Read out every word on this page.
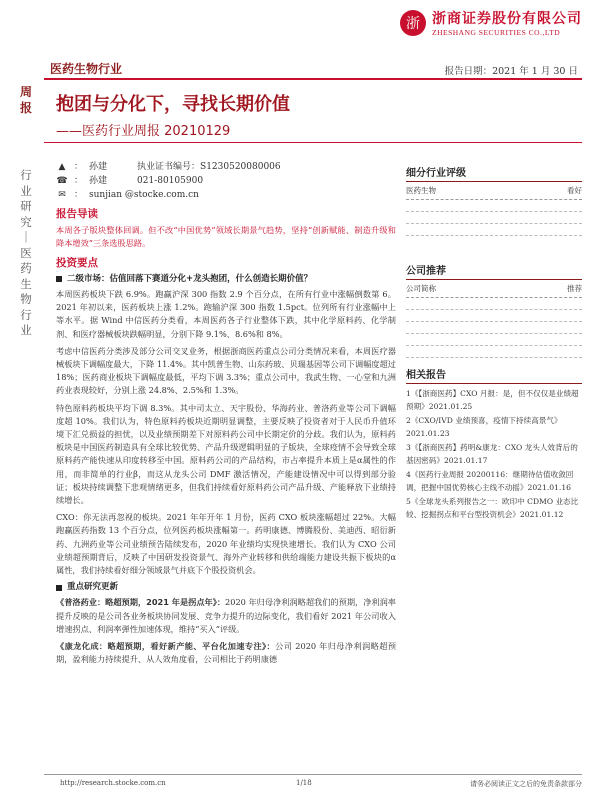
浙 浙商证券股份有限公司
ZHESHANG SECURITIES CO.,LTD
医药生物行业	报告日期：2021 年 1 月 30 日
周报 抱团与分化下，寻找长期价值
——医药行业周报 20210129
行业研究｜医药生物行业
▲ ： 孙建	执业证书编号：S1230520080006
☎ ： 孙建	021-80105900
✉ ： sunjian @stocke.com.cn
报告导读

本周各子版块整体回调。但不改“中国优势”领域长期景气趋势，坚持“创新赋能、制造升级和降本增效”三条选股思路。

投资要点
二级市场：估值回落下赛道分化+龙头抱团，什么创造长期价值？

本周医药板块下跌 6.9%。跑赢沪深 300 指数 2.9 个百分点，在所有行业中涨幅倒数第 6。2021 年初以来，医药板块上涨 1.2%。跑输沪深 300 指数 1.5pct。位列所有行业涨幅中上等水平。据 Wind 中信医药分类看，本周医药各子行业整体下跌，其中化学原料药、化学制剂、和医疗器械板块跌幅明显，分别下降 9.1%、8.6%和 8%。

考虑中信医药分类涉及部分公司交叉业务，根据浙商医药重点公司分类情况来看，本周医疗器械板块下调幅度最大，下降 11.4%。其中凯普生物、山东药玻、贝瑞基因等公司下调幅度超过 18%；医药商业板块下调幅度最低，平均下调 3.3%；重点公司中，我武生物、一心堂和九洲药业表现较好，分别上涨 24.8%、2.5%和 1.3%。

特色原料药板块平均下调 8.3%。其中司太立、天宇股份、华海药业、普洛药业等公司下调幅度超 10%。我们认为，特色原料药板块近期明显调整，主要反映了投资者对于人民币升值环境下汇兑损益的担忧，以及业绩预期差下对原料药公司中长期定价的分歧。我们认为，原料药板块是中国医药制造具有全球比较优势、产品升级逻辑明显的子版块，全球疫情不会导致全球原料药产能快速从印度转移至中国。原料药公司的产品结构，市占率提升本质上是α属性的作用，而非简单的行业β，而这从龙头公司 DMF 激活情况，产能建设情况中可以得到部分验证；板块持续调整下悲观情绪更多，但我们持续看好原料药公司产品升级、产能释放下业绩持续增长。

CXO：你无法再忽视的板块。2021 年年开年 1 月份，医药 CXO 板块涨幅超过 22%。大幅跑赢医药指数 13 个百分点，位列医药板块涨幅第一。药明康德、博腾股份、美迪西、昭衍新药、九洲药业等公司业绩预告陆续发布，2020 年业绩均实现快速增长。我们认为 CXO 公司业绩超预期背后，反映了中国研发投资景气、海外产业转移和供给端能力建设共振下板块的α属性，我们持续看好细分领域景气并底下个股投资机会。

重点研究更新

《普洛药业：略超预期，2021 年是拐点年》：2020 年归母净利润略超我们的预期，净利润率提升反映的是公司各业务板块协同发展、竞争力提升的边际变化，我们看好 2021 年公司收入增速拐点、利润率弹性加速体现，维持“买入”评级。

《康龙化成：略超预期，看好新产能、平台化加速专注》：公司 2020 年归母净利润略超预期，盈利能力持续提升、从人效角度看，公司相比于药明康德

细分行业评级
医药生物	看好
公司推荐
公司简称	推荐
相关报告
1《【浙商医药】CXO 月报：是，但不仅仅是业绩超预期》2021.01.25
2《CXO/IVD 业绩预喜，疫情下持续高景气》2021.01.23
3《【浙商医药】药明&康龙：CXO 龙头人效背后的基因密码》2021.01.17
4《医药行业周报 20200116：继期待估值收敛回调，把握中国优势核心主线不动摇》2021.01.16
5《全球龙头系列报告之一：欧印中 CDMO 业态比较、挖掘拐点和平台型投资机会》2021.01.12
http://research.stocke.com.cn	1/18	请务必阅读正文之后的免责条款部分
